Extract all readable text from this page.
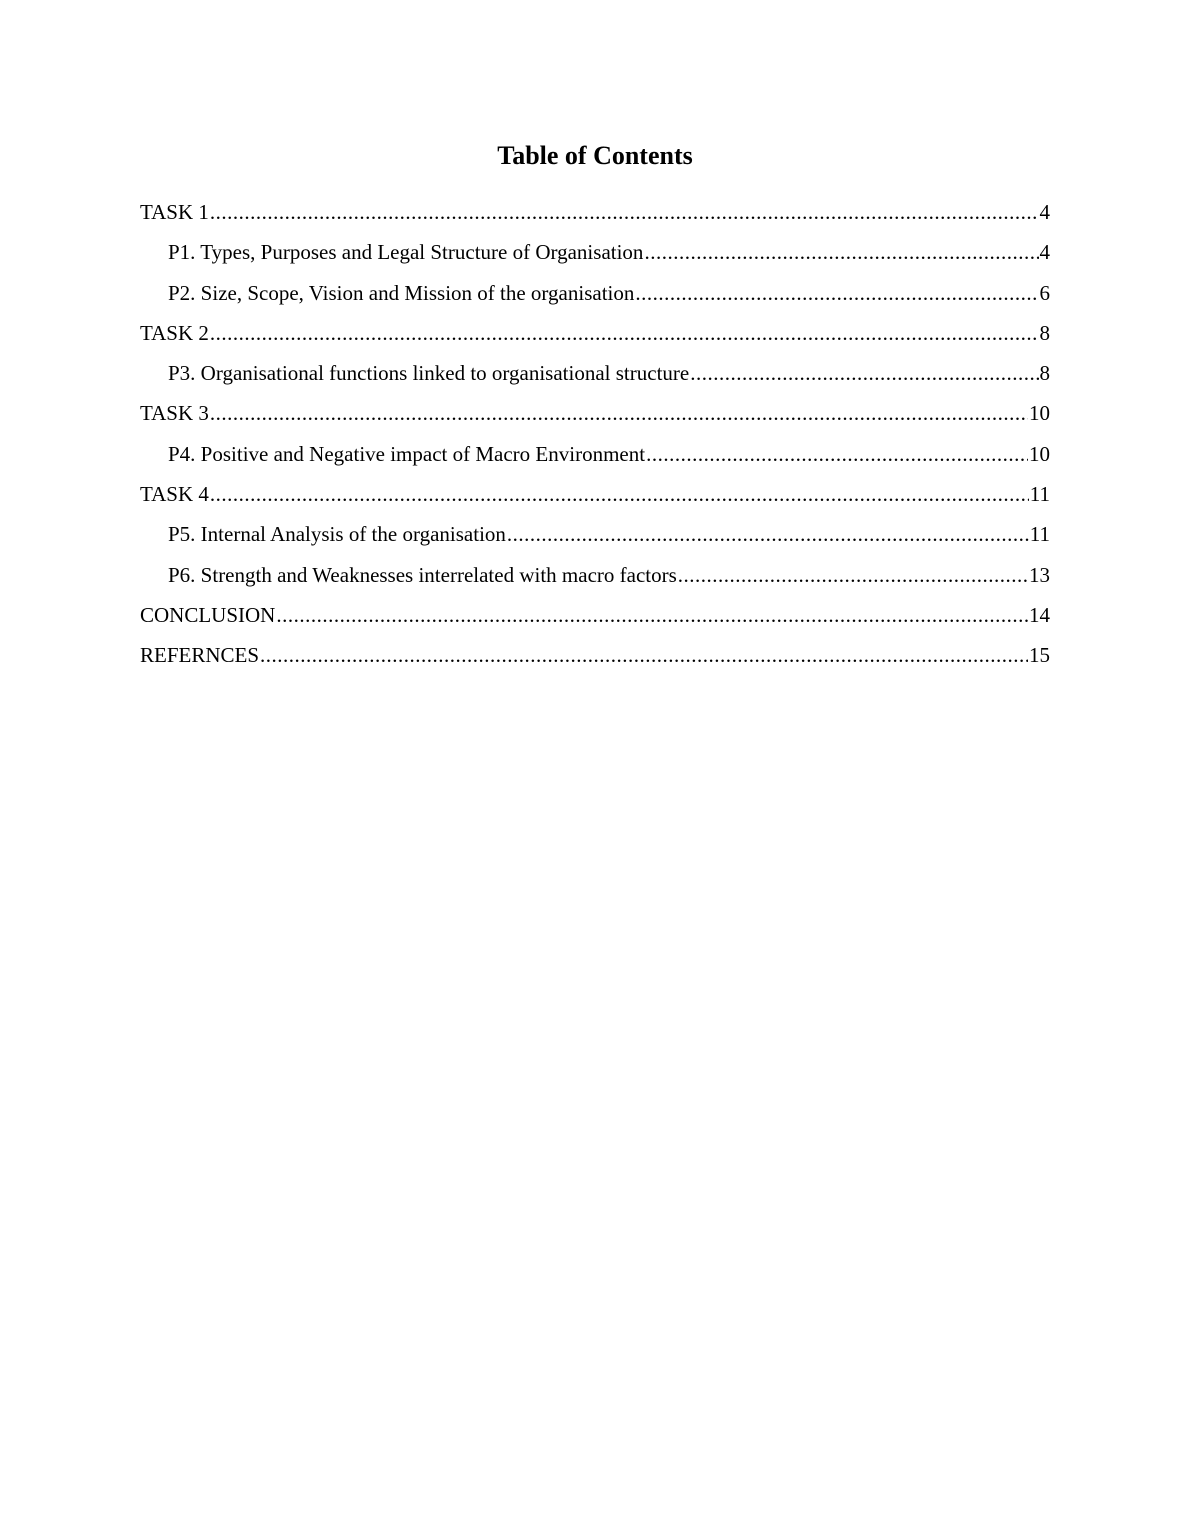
Table of Contents
TASK 1 .....	4
P1. Types, Purposes and Legal Structure of Organisation .....	4
P2. Size, Scope, Vision and Mission of the organisation .....	6
TASK 2 .....	8
P3. Organisational functions linked to organisational structure .....	8
TASK 3 .....	10
P4. Positive and Negative impact of Macro Environment .....	10
TASK 4 .....	11
P5. Internal Analysis of the organisation .....	11
P6. Strength and Weaknesses interrelated with macro factors .....	13
CONCLUSION .....	14
REFERNCES .....	15
